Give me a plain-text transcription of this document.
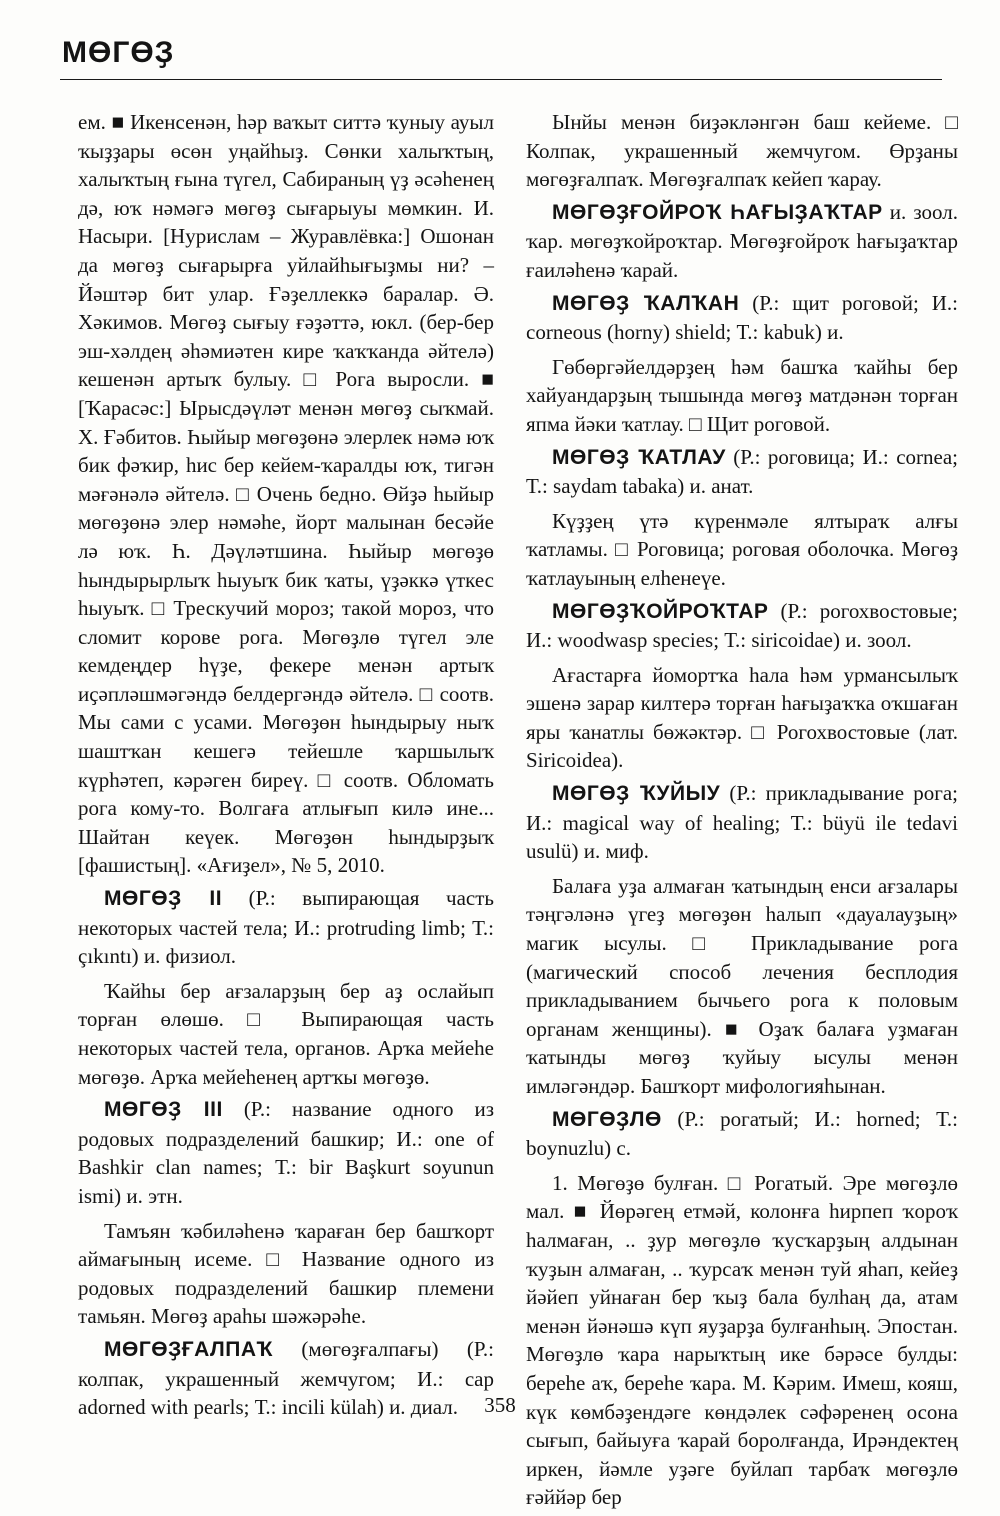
МӨГӨҘ

ем. ■ Икенсенән, һәр ваҡыт ситтә ҡуныу ауыл ҡыҙҙары өсөн уңайһыҙ. Сөнки халыҡтың, халыҡтың ғына түгел, Сабираның үҙ әсәһенең дә, юҡ нәмәгә мөгөҙ сығарыуы мөмкин. И. Насыри. [Нурислам – Журавлёвка:] Ошонан да мөгөҙ сығарырға уйлайһығыҙмы ни? – Йәштәр бит улар. Ғәҙеллеккә баралар. Ә. Хәкимов. Мөгөҙ сығыу ғәҙәттә, юкл. (бер-бер эш-хәлдең әһәмиәтен кире ҡаҡҡанда әйтелә) кешенән артыҡ булыу. □ Рога выросли. ■ [Ҡарасәс:] Ырысдәүләт менән мөгөҙ сыҡмай. Х. Ғәбитов. Һыйыр мөгөҙөнә элерлек нәмә юҡ бик фәҡир, һис бер кейем-ҡаралды юҡ, тигән мәғәнәлә әйтелә. □ Очень бедно. Өйҙә һыйыр мөгөҙөнә элер нәмәһе, йорт малынан бесәйе лә юҡ. Һ. Дәүләтшина. Һыйыр мөгөҙө һындырырлыҡ һыуыҡ бик ҡаты, үҙәккә үткес һыуыҡ. □ Трескучий мороз; такой мороз, что сломит корове рога. Мөгөҙлө түгел эле кемдеңдер һүҙе, фекере менән артыҡ иҫәпләшмәгәндә белдергәндә әйтелә. □ соотв. Мы сами с усами. Мөгөҙөн һындырыу ныҡ шаштҡан кешегә тейешле ҡаршылыҡ күрһәтеп, кәрәген биреү. □ соотв. Обломать рога кому-то. Волгаға атлығып килә ине... Шайтан кеүек. Мөгөҙөн һындырҙыҡ [фашистың]. «Ағиҙел», № 5, 2010.

МӨГӨҘ II (Р.: выпирающая часть некоторых частей тела; И.: protruding limb; Т.: çıkıntı) и. физиол.

Ҡайһы бер ағзаларҙың бер аҙ ослайып торған өлөшө. □ Выпирающая часть некоторых частей тела, органов. Арҡа мейеһе мөгөҙө. Арҡа мейеһенең артҡы мөгөҙө.

МӨГӨҘ III (Р.: название одного из родовых подразделений башкир; И.: one of Bashkir clan names; Т.: bir Başkurt soyunun ismi) и. этн.

Тамъян ҡәбиләһенә ҡараған бер башҡорт аймағының исеме. □ Название одного из родовых подразделений башкир племени тамьян. Мөгөҙ араһы шәжәрәһе.

МӨГӨҘҒАЛПАҠ (мөгөҙғалпағы) (Р.: колпак, украшенный жемчугом; И.: cap adorned with pearls; Т.: incili külah) и. диал.

Ынйы менән биҙәкләнгән баш кейеме. □ Колпак, украшенный жемчугом. Өрҙаны мөгөҙғалпаҡ. Мөгөҙғалпаҡ кейеп ҡарау.

МӨГӨҘҒОЙРОҠ ҺАҒЫҘАҠТАР и. зоол. ҡар. мөгөҙҡойроҡтар. Мөгөҙғойроҡ һағыҙаҡтар ғаиләһенә ҡарай.

МӨГӨҘ ҠАЛҠАН (Р.: щит роговой; И.: corneous (horny) shield; Т.: kabuk) и.

Гөбөргәйелдәрҙең һәм башҡа ҡайһы бер хайуандарҙың тышында мөгөҙ матдәнән торған япма йәки ҡатлау. □ Щит роговой.

МӨГӨҘ ҠАТЛАУ (Р.: роговица; И.: cornea; Т.: saydam tabaka) и. анат.

Күҙҙең үтә күренмәле ялтыраҡ алғы ҡатламы. □ Роговица; роговая оболочка. Мөгөҙ ҡатлауының елһенеүе.

МӨГӨҘҠОЙРОҠТАР (Р.: рогохвостовые; И.: woodwasp species; Т.: siricoidae) и. зоол.

Ағастарға йомортҡа һала һәм урмансылыҡ эшенә зарар килтерә торған һағыҙаҡҡа оҡшаған яры ҡанатлы бөжәктәр. □ Рогохвостовые (лат. Siricoidea).

МӨГӨҘ ҠУЙЫУ (Р.: прикладывание рога; И.: magical way of healing; Т.: büyü ile tedavi usulü) и. миф.

Балаға уҙа алмаған ҡатындың енси ағзалары тәңгәләнә үгеҙ мөгөҙөн һалып «дауалауҙың» магик ысулы. □ Прикладывание рога (магический способ лечения бесплодия прикладыванием бычьего рога к половым органам женщины). ■ Оҙаҡ балаға уҙмаған ҡатынды мөгөҙ ҡуйыу ысулы менән имләгәндәр. Башҡорт мифологияһынан.

МӨГӨҘЛӨ (Р.: рогатый; И.: horned; Т.: boynuzlu) с.

1. Мөгөҙө булған. □ Рогатый. Эре мөгөҙлө мал. ■ Йөрәгең етмәй, колонға һирпеп ҡороҡ һалмаған, .. ҙур мөгөҙлө ҡусҡарҙың алдынан ҡуҙын алмаған, .. ҡурсаҡ менән туй яһап, кейеҙ йәйеп уйнаған бер ҡыҙ бала булһаң да, атам менән йәнәшә күп яуҙарҙа булғанһың. Эпостан. Мөгөҙлө ҡара нарыҡтың ике бәрәсе булды: береһе аҡ, береһе ҡара. М. Кәрим. Имеш, кояш, күк көмбәҙендәге көндәлек сәфәренең осона сығып, байыуға ҡарай боролғанда, Ирәндектең иркен, йәмле уҙәге буйлап тарбаҡ мөгөҙлө ғәййәр бер

358
